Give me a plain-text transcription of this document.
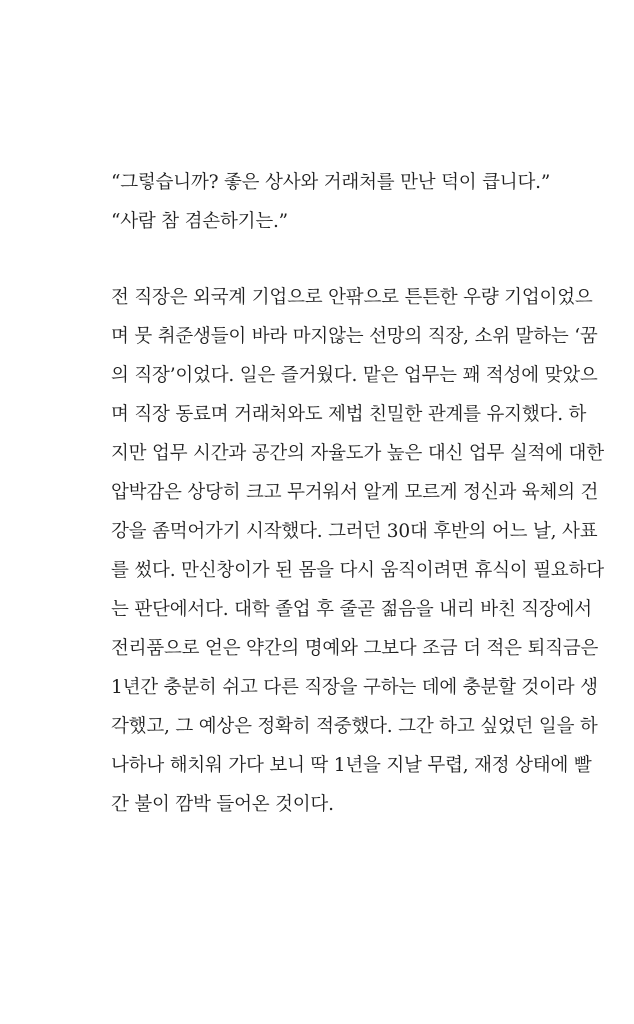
“그렇습니까? 좋은 상사와 거래처를 만난 덕이 큽니다.”
“사람 참 겸손하기는.”
전 직장은 외국계 기업으로 안팎으로 튼튼한 우량 기업이었으
며 뭇 취준생들이 바라 마지않는 선망의 직장, 소위 말하는 ‘꿈
의 직장’이었다. 일은 즐거웠다. 맡은 업무는 꽤 적성에 맞았으
며 직장 동료며 거래처와도 제법 친밀한 관계를 유지했다. 하
지만 업무 시간과 공간의 자율도가 높은 대신 업무 실적에 대한
압박감은 상당히 크고 무거워서 알게 모르게 정신과 육체의 건
강을 좀먹어가기 시작했다. 그러던 30대 후반의 어느 날, 사표
를 썼다. 만신창이가 된 몸을 다시 움직이려면 휴식이 필요하다
는 판단에서다. 대학 졸업 후 줄곧 젊음을 내리 바친 직장에서
전리품으로 얻은 약간의 명예와 그보다 조금 더 적은 퇴직금은
1년간 충분히 쉬고 다른 직장을 구하는 데에 충분할 것이라 생
각했고, 그 예상은 정확히 적중했다. 그간 하고 싶었던 일을 하
나하나 해치워 가다 보니 딱 1년을 지날 무렵, 재정 상태에 빨
간 불이 깜박 들어온 것이다.
